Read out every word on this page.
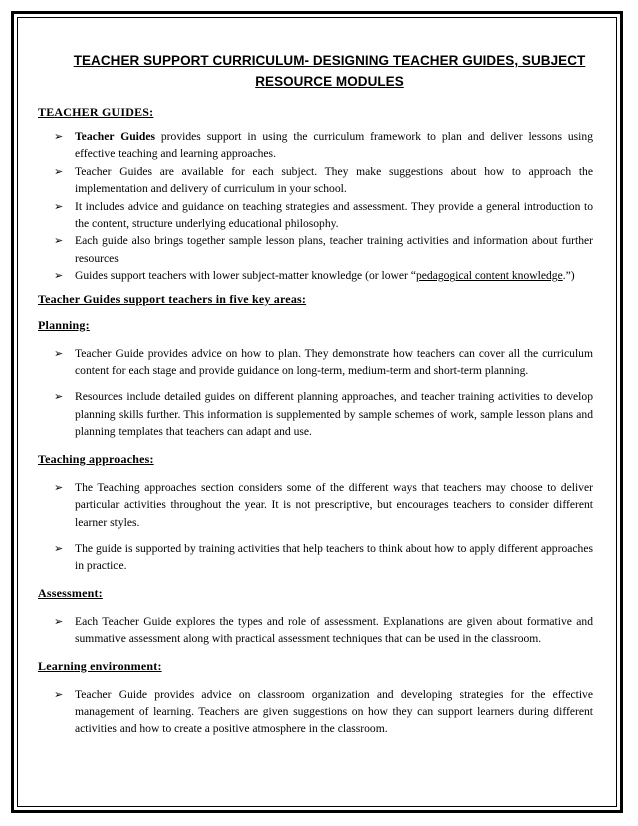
TEACHER SUPPORT CURRICULUM- DESIGNING TEACHER GUIDES, SUBJECT
RESOURCE MODULES

TEACHER GUIDES:

➢ Teacher Guides provides support in using the curriculum framework to plan and deliver lessons using effective teaching and learning approaches.
➢ Teacher Guides are available for each subject. They make suggestions about how to approach the implementation and delivery of curriculum in your school.
➢ It includes advice and guidance on teaching strategies and assessment. They provide a general introduction to the content, structure underlying educational philosophy.
➢ Each guide also brings together sample lesson plans, teacher training activities and information about further resources
➢ Guides support teachers with lower subject-matter knowledge (or lower “pedagogical content knowledge.”)

Teacher Guides support teachers in five key areas:

Planning:

➢ Teacher Guide provides advice on how to plan. They demonstrate how teachers can cover all the curriculum content for each stage and provide guidance on long-term, medium-term and short-term planning.
➢ Resources include detailed guides on different planning approaches, and teacher training activities to develop planning skills further. This information is supplemented by sample schemes of work, sample lesson plans and planning templates that teachers can adapt and use.

Teaching approaches:

➢ The Teaching approaches section considers some of the different ways that teachers may choose to deliver particular activities throughout the year. It is not prescriptive, but encourages teachers to consider different learner styles.
➢ The guide is supported by training activities that help teachers to think about how to apply different approaches in practice.

Assessment:

➢ Each Teacher Guide explores the types and role of assessment. Explanations are given about formative and summative assessment along with practical assessment techniques that can be used in the classroom.

Learning environment:

➢ Teacher Guide provides advice on classroom organization and developing strategies for the effective management of learning. Teachers are given suggestions on how they can support learners during different activities and how to create a positive atmosphere in the classroom.
